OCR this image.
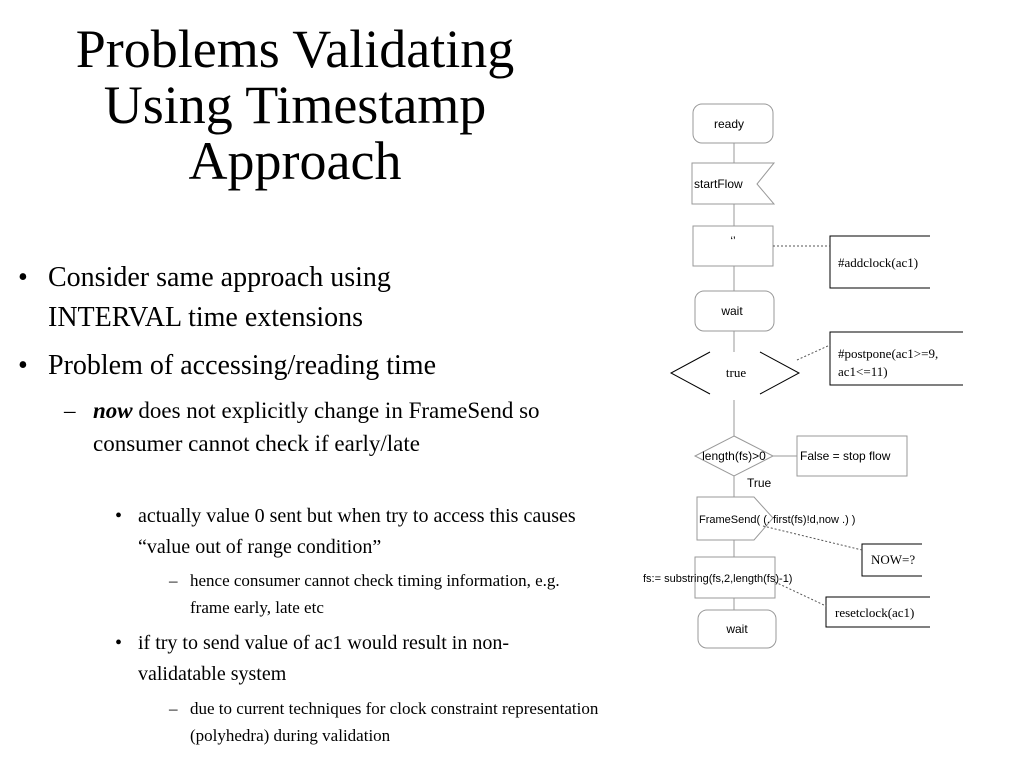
Problems Validating
Using Timestamp
Approach
• Consider same approach using INTERVAL time extensions
• Problem of accessing/reading time
– now does not explicitly change in FrameSend so consumer cannot check if early/late
• actually value 0 sent but when try to access this causes “value out of range condition”
– hence consumer cannot check timing information, e.g. frame early, late etc
• if try to send value of ac1 would result in non-validatable system
– due to current techniques for clock constraint representation (polyhedra) during validation
ready
startFlow
‘’
wait
true
length(fs)>0
True
False = stop flow
FrameSend( (. first(fs)!d,now .) )
fs:= substring(fs,2,length(fs)-1)
wait
#addclock(ac1)
#postpone(ac1>=9,
ac1<=11)
NOW=?
resetclock(ac1)
